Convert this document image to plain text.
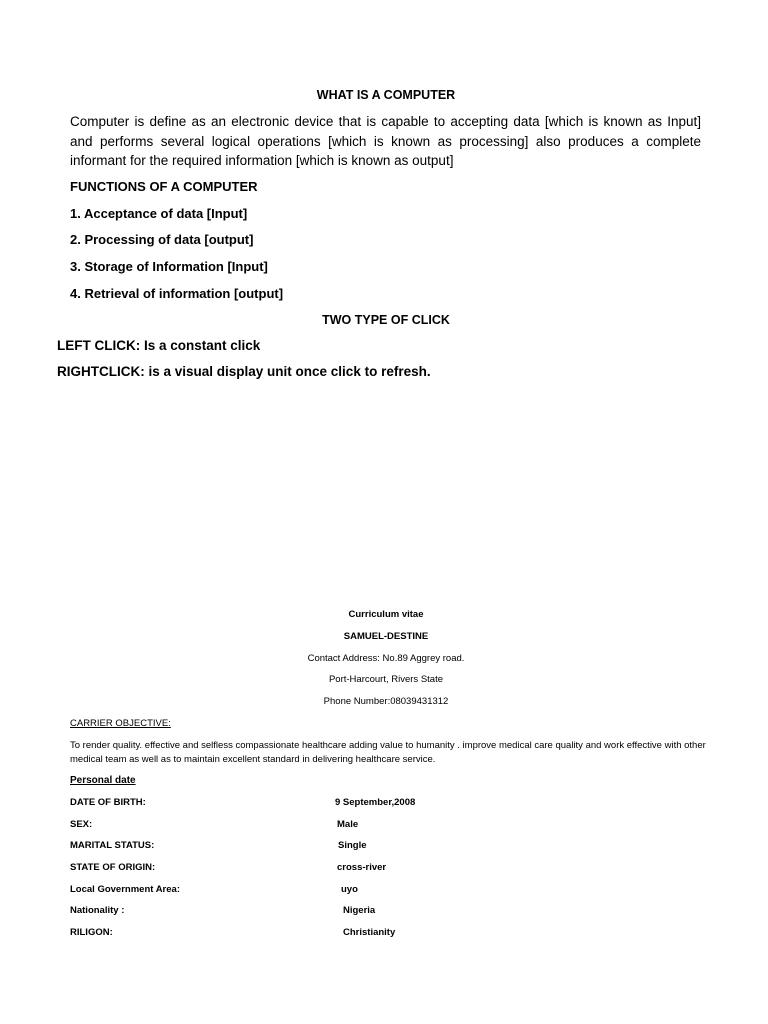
WHAT IS A COMPUTER
Computer is define as an electronic device that is capable to accepting data [which is known as Input] and performs several logical operations [which is known as processing] also produces a complete informant for the required information [which is known as output]
FUNCTIONS OF A COMPUTER
1. Acceptance of data [Input]
2. Processing of data [output]
3. Storage of Information [Input]
4. Retrieval of information [output]
TWO TYPE OF CLICK
LEFT CLICK: Is a constant click
RIGHTCLICK: is a visual display unit once click to refresh.
Curriculum vitae
SAMUEL-DESTINE
Contact Address: No.89 Aggrey road.
Port-Harcourt, Rivers State
Phone Number:08039431312
CARRIER OBJECTIVE:
To render quality. effective and selfless compassionate healthcare adding value to humanity . improve medical care quality and work effective with other medical team as well as to maintain excellent standard in delivering healthcare service.
Personal date
DATE OF BIRTH:	9 September,2008
SEX:	Male
MARITAL STATUS:	Single
STATE OF ORIGIN:	cross-river
Local Government Area:	uyo
Nationality :	Nigeria
RILIGON:	Christianity
